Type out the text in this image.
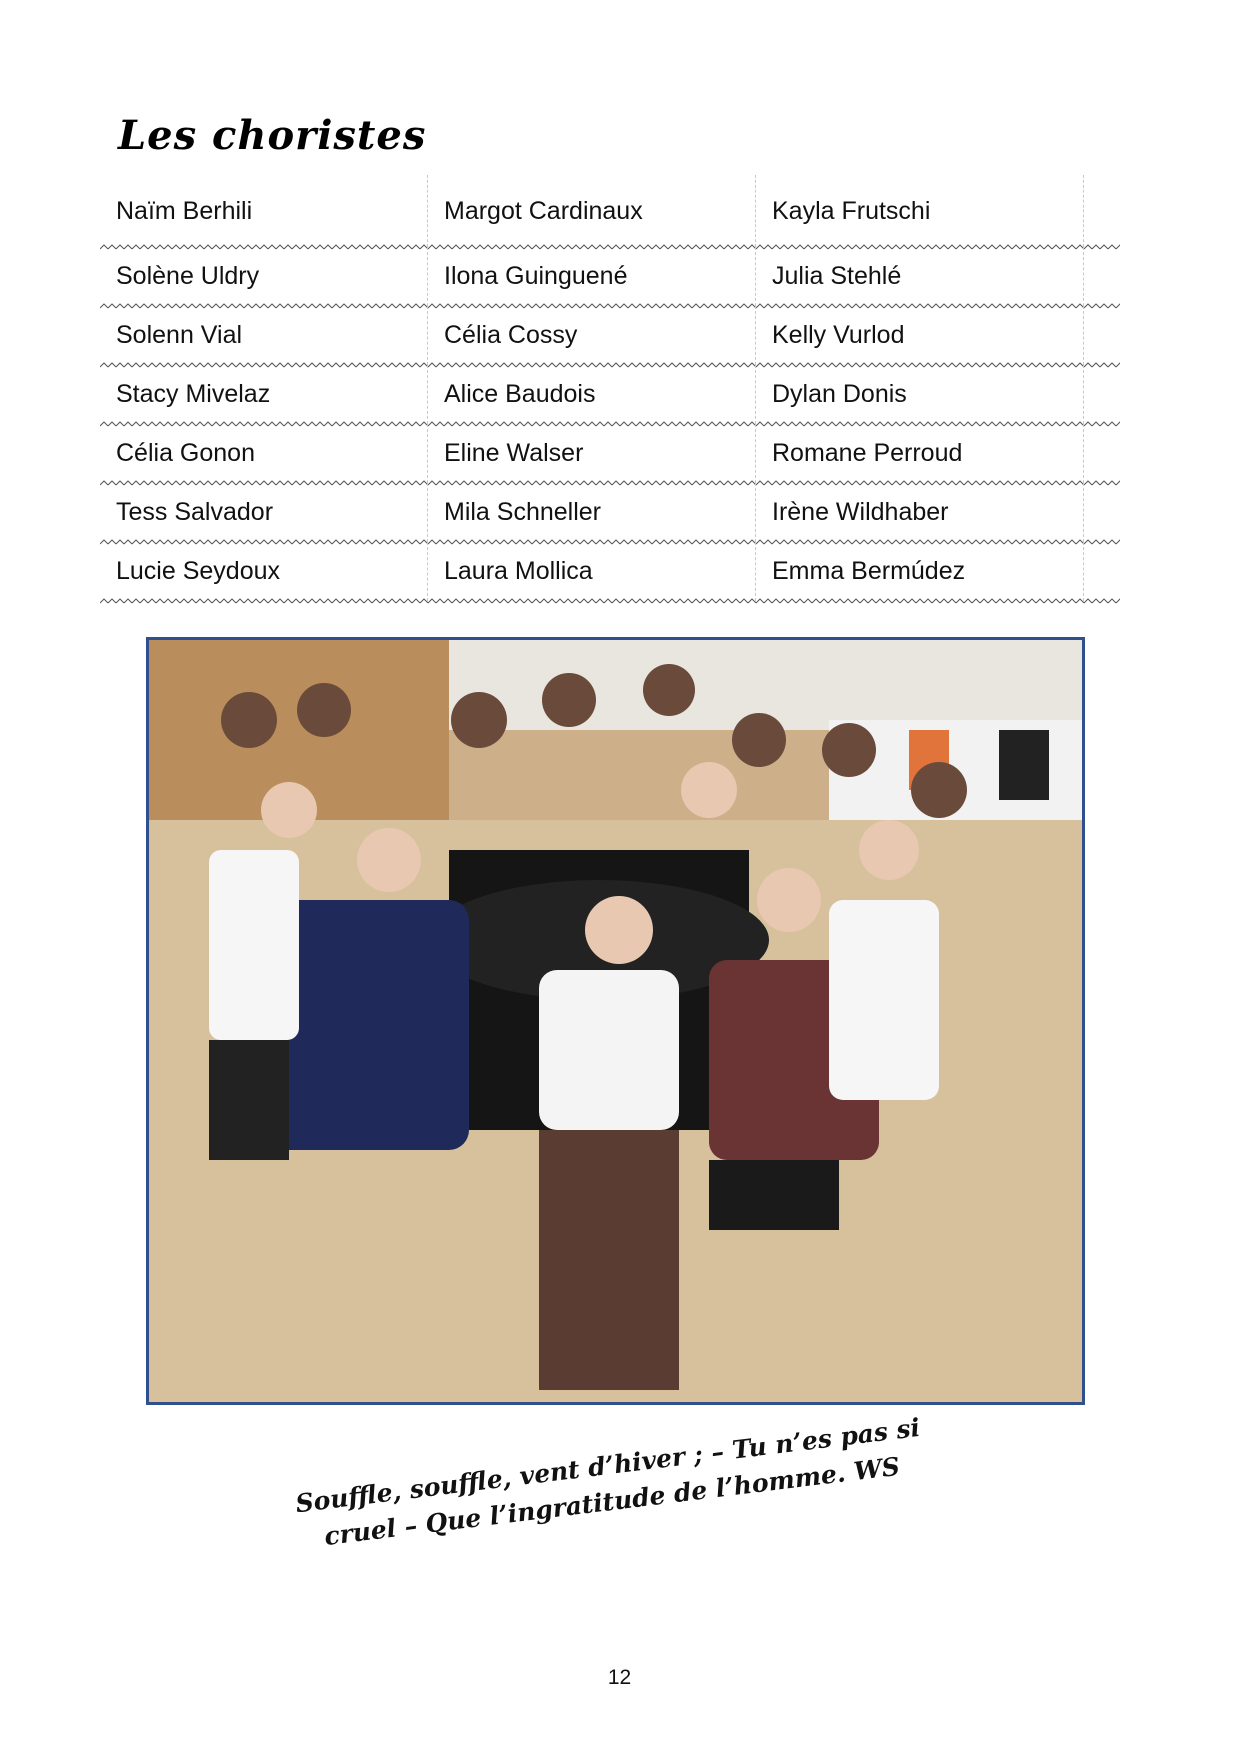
Les choristes
Naïm Berhili	Margot Cardinaux	Kayla Frutschi
Solène Uldry	Ilona Guinguené	Julia Stehlé
Solenn Vial	Célia Cossy	Kelly Vurlod
Stacy Mivelaz	Alice Baudois	Dylan Donis
Célia Gonon	Eline Walser	Romane Perroud
Tess Salvador	Mila Schneller	Irène Wildhaber
Lucie Seydoux	Laura Mollica	Emma Bermúdez
Souffle, souffle, vent d’hiver ; – Tu n’es pas si cruel – Que l’ingratitude de l’homme. WS
12
